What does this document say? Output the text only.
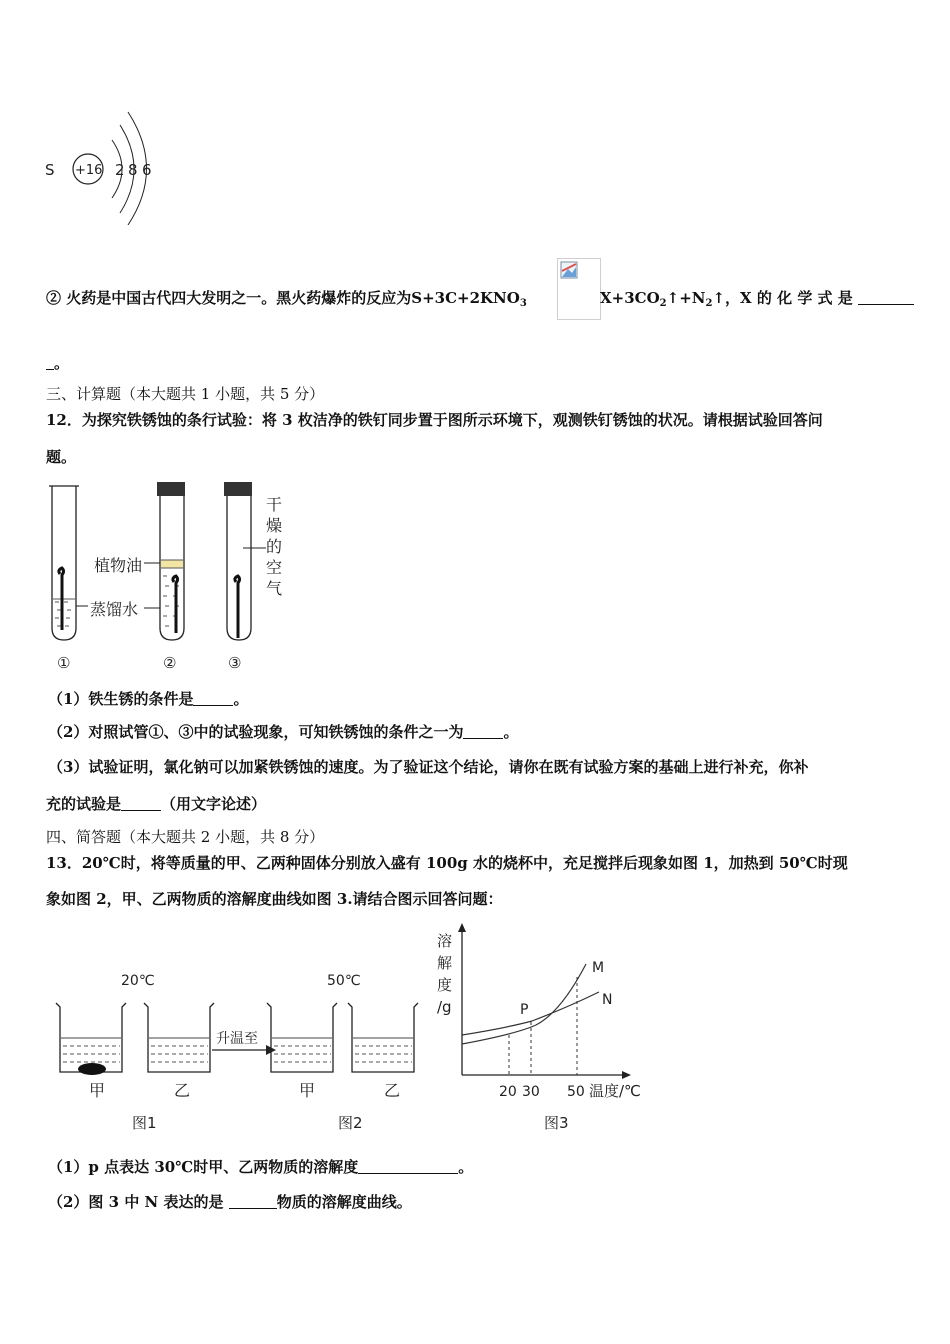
S +16 2 8 6
② 火药是中国古代四大发明之一。黑火药爆炸的反应为$S+3C+2KNO_3$	$X+3CO_2↑+N_2↑$，X 的 化 学 式 是
。
三、计算题（本大题共 1 小题，共 5 分）
12．为探究铁锈蚀的条行试验：将 3 枚洁净的铁钉同步置于图所示环境下，观测铁钉锈蚀的状况。请根据试验回答问
题。
①	②	③
植物油
蒸馏水
干
燥
的
空
气
（1）铁生锈的条件是	。
（2）对照试管①、③中的试验现象，可知铁锈蚀的条件之一为	。
（3）试验证明，氯化钠可以加紧铁锈蚀的速度。为了验证这个结论，请你在既有试验方案的基础上进行补充，你补
充的试验是	（用文字论述）
四、简答题（本大题共 2 小题，共 8 分）
13．20℃时，将等质量的甲、乙两种固体分别放入盛有 100g 水的烧杯中，充足搅拌后现象如图 1，加热到 50℃时现
象如图 2，甲、乙两物质的溶解度曲线如图 3.请结合图示回答问题：
20℃	50℃
升温至
甲	乙	甲	乙
图1	图2
P
M
N
20 30 50 温度/℃
图3
溶
解
度
/g
（1）p 点表达 30℃时甲、乙两物质的溶解度	。
（2）图 3 中 N 表达的是	物质的溶解度曲线。
